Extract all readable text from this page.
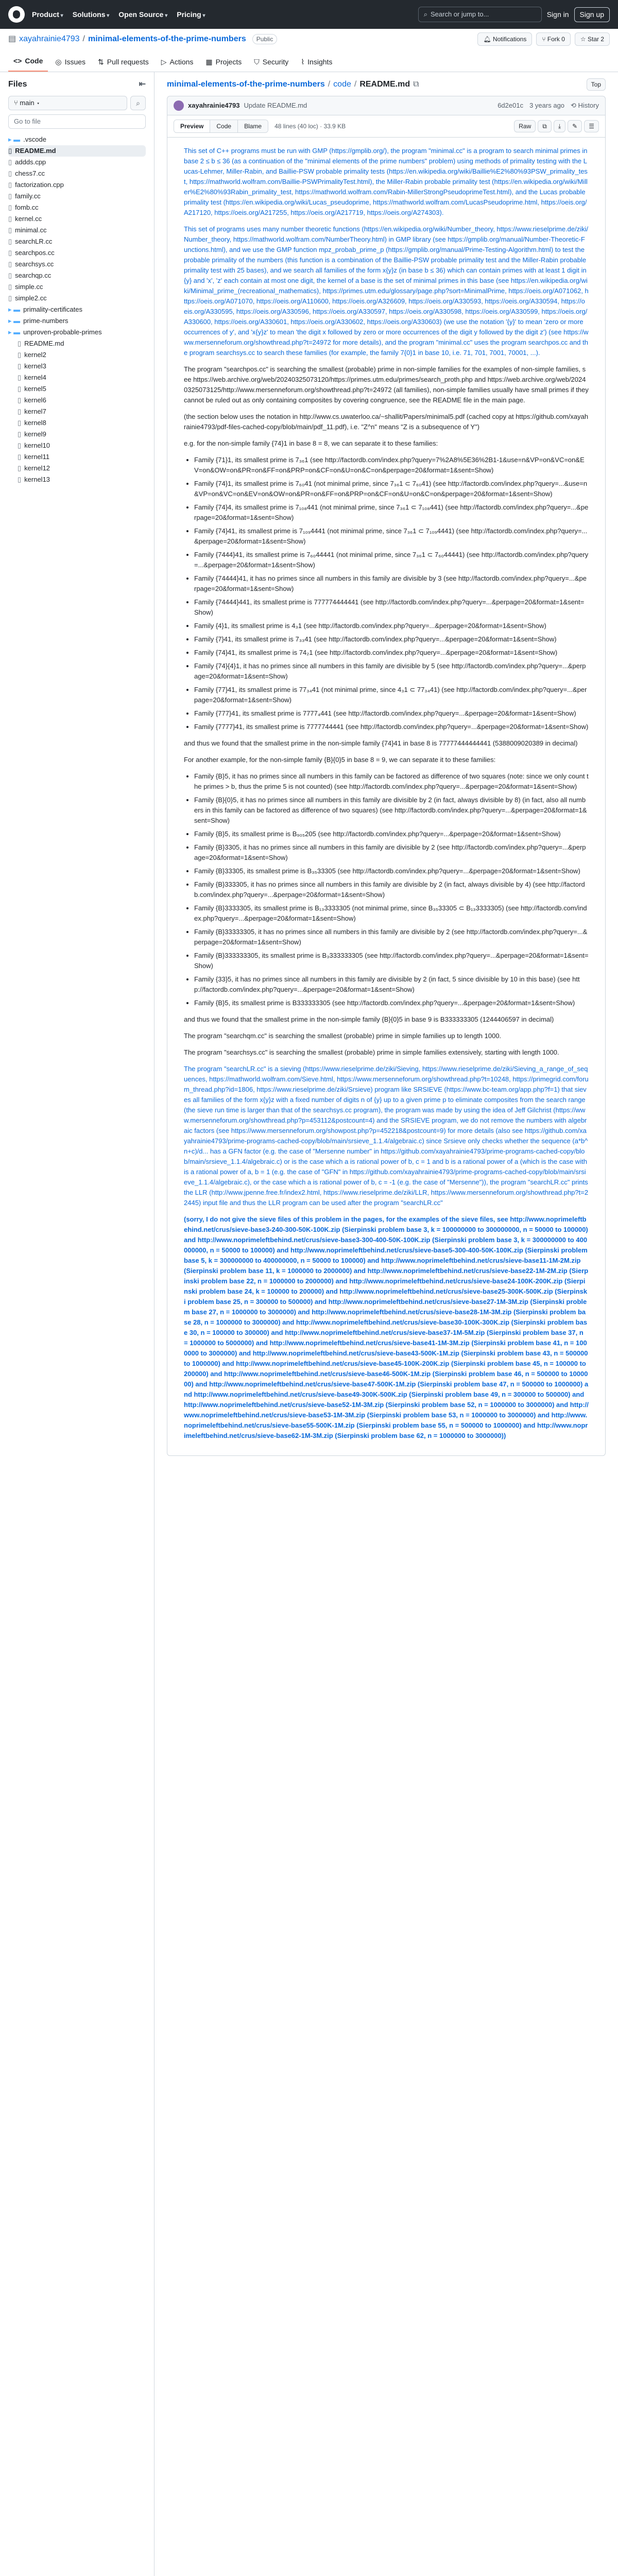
Product ▾	Solutions ▾	Open Source ▾	Pricing ▾	⌕ Search or jump to...	Sign in	Sign up
▤ xayahrainie4793 / minimal-elements-of-the-prime-numbers	Public	🔔︎ Notifications	⑂ Fork 0	☆ Star 2
<> Code ◎ Issues ⇅ Pull requests ▷ Actions ▦ Projects ⛉ Security ⌇ Insights
Files	⇤
⑂ main ▾	⌕
Go to file
▸ ▬ .vscode
▯ README.md
▯ addds.cpp
▯ chess7.cc
▯ factorization.cpp
▯ family.cc
▯ fomb.cc
▯ kernel.cc
▯ minimal.cc
▯ searchLR.cc
▯ searchpos.cc
▯ searchsys.cc
▯ searchqp.cc
▯ simple.cc
▯ simple2.cc
▸ ▬ primality-certificates
▸ ▬ prime-numbers
▸ ▬ unproven-probable-primes
▯ README.md
▯ kernel2
▯ kernel3
▯ kernel4
▯ kernel5
▯ kernel6
▯ kernel7
▯ kernel8
▯ kernel9
▯ kernel10
▯ kernel11
▯ kernel12
▯ kernel13
minimal-elements-of-the-prime-numbers / code / README.md ⧉	Top
xayahrainie4793 Update README.md	6d2e01c 3 years ago ⟲ History
Preview	Code	Blame	48 lines (40 loc) · 33.9 KB	Raw	⧉	⤓	✎	☰

This set of C++ programs must be run with GMP (https://gmplib.org/), the program "minimal.cc" is a program to search minimal primes in base 2 ≤ b ≤ 36 (as a continuation of the "minimal elements of the prime numbers" problem) using methods of primality testing with the Lucas-Lehmer, Miller-Rabin, and Baillie-PSW probable primality tests (https://en.wikipedia.org/wiki/Baillie%E2%80%93PSW_primality_test, https://mathworld.wolfram.com/Baillie-PSWPrimalityTest.html), the Miller-Rabin probable primality test (https://en.wikipedia.org/wiki/Miller%E2%80%93Rabin_primality_test, https://mathworld.wolfram.com/Rabin-MillerStrongPseudoprimeTest.html), and the Lucas probable primality test (https://en.wikipedia.org/wiki/Lucas_pseudoprime, https://mathworld.wolfram.com/LucasPseudoprime.html, https://oeis.org/A217120, https://oeis.org/A217255, https://oeis.org/A217719, https://oeis.org/A274303).

This set of programs uses many number theoretic functions (https://en.wikipedia.org/wiki/Number_theory, https://www.rieselprime.de/ziki/Number_theory, https://mathworld.wolfram.com/NumberTheory.html) in GMP library (see https://gmplib.org/manual/Number-Theoretic-Functions.html), and we use the GMP function mpz_probab_prime_p (https://gmplib.org/manual/Prime-Testing-Algorithm.html) to test the probable primality of the numbers (this function is a combination of the Baillie-PSW probable primality test and the Miller-Rabin probable primality test with 25 bases), and we search all families of the form x{y}z (in base b ≤ 36) which can contain primes with at least 1 digit in {y} and 'x', 'z' each contain at most one digit, the kernel of a base is the set of minimal primes in this base (see https://en.wikipedia.org/wiki/Minimal_prime_(recreational_mathematics), https://primes.utm.edu/glossary/page.php?sort=MinimalPrime, https://oeis.org/A071062, https://oeis.org/A071070, https://oeis.org/A110600, https://oeis.org/A326609, https://oeis.org/A330593, https://oeis.org/A330594, https://oeis.org/A330595, https://oeis.org/A330596, https://oeis.org/A330597, https://oeis.org/A330598, https://oeis.org/A330599, https://oeis.org/A330600, https://oeis.org/A330601, https://oeis.org/A330602, https://oeis.org/A330603) (we use the notation '{y}' to mean 'zero or more occurrences of y', and 'x{y}z' to mean 'the digit x followed by zero or more occurrences of the digit y followed by the digit z') (see https://www.mersenneforum.org/showthread.php?t=24972 for more details), and the program "minimal.cc" uses the program searchpos.cc and the program searchsys.cc to search these families (for example, the family 7{0}1 in base 10, i.e. 71, 701, 7001, 70001, ...).

The program "searchpos.cc" is searching the smallest (probable) prime in non-simple families for the examples of non-simple families, see https://web.archive.org/web/20240325073120/https://primes.utm.edu/primes/search_proth.php and https://web.archive.org/web/20240325073125/http://www.mersenneforum.org/showthread.php?t=24972 (all families), non-simple families usually have small primes if they cannot be ruled out as only containing composites by covering congruence, see the README file in the main page.

(the section below uses the notation in http://www.cs.uwaterloo.ca/~shallit/Papers/minimal5.pdf (cached copy at https://github.com/xayahrainie4793/pdf-files-cached-copy/blob/main/pdf_11.pdf), i.e. "Z^n" means "Z is a subsequence of Y")

e.g. for the non-simple family {74}1 in base 8 = 8, we can separate it to these families:

• Family {71}1, its smallest prime is 7₃₆1 (see http://factordb.com/index.php?query=7%2A8%5E36%2B1-1&use=n&VP=on&VC=on&EV=on&OW=on&PR=on&FF=on&PRP=on&CF=on&U=on&C=on&perpage=20&format=1&sent=Show)
• Family {74}1, its smallest prime is 7₆₀41 (not minimal prime, since 7₃₆1 ⊂ 7₆₀41) (see http://factordb.com/index.php?query=...&use=n&VP=on&VC=on&EV=on&OW=on&PR=on&FF=on&PRP=on&CF=on&U=on&C=on&perpage=20&format=1&sent=Show)
• Family {74}4, its smallest prime is 7₁₀₈441 (not minimal prime, since 7₃₆1 ⊂ 7₁₀₈441) (see http://factordb.com/index.php?query=...&perpage=20&format=1&sent=Show)
• Family {74}41, its smallest prime is 7₁₀₉4441 (not minimal prime, since 7₃₆1 ⊂ 7₁₀₉4441) (see http://factordb.com/index.php?query=...&perpage=20&format=1&sent=Show)
• Family {7444}41, its smallest prime is 7₆₀44441 (not minimal prime, since 7₃₆1 ⊂ 7₆₀44441) (see http://factordb.com/index.php?query=...&perpage=20&format=1&sent=Show)
• Family {74444}41, it has no primes since all numbers in this family are divisible by 3 (see http://factordb.com/index.php?query=...&perpage=20&format=1&sent=Show)
• Family {74444}441, its smallest prime is 777774444441 (see http://factordb.com/index.php?query=...&perpage=20&format=1&sent=Show)
• Family {4}1, its smallest prime is 4₃1 (see http://factordb.com/index.php?query=...&perpage=20&format=1&sent=Show)
• Family {7}41, its smallest prime is 7₃₃41 (see http://factordb.com/index.php?query=...&perpage=20&format=1&sent=Show)
• Family {74}41, its smallest prime is 74₂1 (see http://factordb.com/index.php?query=...&perpage=20&format=1&sent=Show)
• Family {74}{4}1, it has no primes since all numbers in this family are divisible by 5 (see http://factordb.com/index.php?query=...&perpage=20&format=1&sent=Show)
• Family {77}41, its smallest prime is 77₃₄41 (not minimal prime, since 4₃1 ⊂ 77₃₄41) (see http://factordb.com/index.php?query=...&perpage=20&format=1&sent=Show)
• Family {777}41, its smallest prime is 7777₄441 (see http://factordb.com/index.php?query=...&perpage=20&format=1&sent=Show)
• Family {7777}41, its smallest prime is 7777744441 (see http://factordb.com/index.php?query=...&perpage=20&format=1&sent=Show)

and thus we found that the smallest prime in the non-simple family {74}41 in base 8 is 77777444444441 (5388009020389 in decimal)

For another example, for the non-simple family {B}{0}5 in base 8 = 9, we can separate it to these families:

• Family {B}5, it has no primes since all numbers in this family can be factored as difference of two squares (note: since we only count the primes > b, thus the prime 5 is not counted) (see http://factordb.com/index.php?query=...&perpage=20&format=1&sent=Show)
• Family {B}{0}5, it has no primes since all numbers in this family are divisible by 2 (in fact, always divisible by 8) (in fact, also all numbers in this family can be factored as difference of two squares) (see http://factordb.com/index.php?query=...&perpage=20&format=1&sent=Show)
• Family {B}5, its smallest prime is B₉₀₅205 (see http://factordb.com/index.php?query=...&perpage=20&format=1&sent=Show)
• Family {B}3305, it has no primes since all numbers in this family are divisible by 2 (see http://factordb.com/index.php?query=...&perpage=20&format=1&sent=Show)
• Family {B}33305, its smallest prime is B₃₅33305 (see http://factordb.com/index.php?query=...&perpage=20&format=1&sent=Show)
• Family {B}333305, it has no primes since all numbers in this family are divisible by 2 (in fact, always divisible by 4) (see http://factordb.com/index.php?query=...&perpage=20&format=1&sent=Show)
• Family {B}3333305, its smallest prime is B₁₃3333305 (not minimal prime, since B₃₅33305 ⊂ B₁₃3333305) (see http://factordb.com/index.php?query=...&perpage=20&format=1&sent=Show)
• Family {B}33333305, it has no primes since all numbers in this family are divisible by 2 (see http://factordb.com/index.php?query=...&perpage=20&format=1&sent=Show)
• Family {B}333333305, its smallest prime is B₃333333305 (see http://factordb.com/index.php?query=...&perpage=20&format=1&sent=Show)
• Family {33}5, it has no primes since all numbers in this family are divisible by 2 (in fact, 5 since divisible by 10 in this base) (see http://factordb.com/index.php?query=...&perpage=20&format=1&sent=Show)
• Family {B}5, its smallest prime is B333333305 (see http://factordb.com/index.php?query=...&perpage=20&format=1&sent=Show)

and thus we found that the smallest prime in the non-simple family {B}{0}5 in base 9 is B333333305 (1244406597 in decimal)

The program "searchqm.cc" is searching the smallest (probable) prime in simple families up to length 1000.

The program "searchsys.cc" is searching the smallest (probable) prime in simple families extensively, starting with length 1000.

The program "searchLR.cc" is a sieving (https://www.rieselprime.de/ziki/Sieving, https://www.rieselprime.de/ziki/Sieving_a_range_of_sequences, https://mathworld.wolfram.com/Sieve.html, https://www.mersenneforum.org/showthread.php?t=10248, https://primegrid.com/forum_thread.php?id=1806, https://www.rieselprime.de/ziki/Srsieve) program like SRSIEVE (https://www.bc-team.org/app.php?f=1) that sieves all families of the form x{y}z with a fixed number of digits n of {y} up to a given prime p to eliminate composites from the search range (the sieve run time is larger than that of the searchsys.cc program), the program was made by using the idea of Jeff Gilchrist (https://www.mersenneforum.org/showthread.php?p=453112&postcount=4) and the SRSIEVE program, we do not remove the numbers with algebraic factors (see https://www.mersenneforum.org/showpost.php?p=452218&postcount=9) for more details (also see https://github.com/xayahrainie4793/prime-programs-cached-copy/blob/main/srsieve_1.1.4/algebraic.c) since Srsieve only checks whether the sequence (a*b^n+c)/d... has a GFN factor (e.g. the case of "Mersenne number" in https://github.com/xayahrainie4793/prime-programs-cached-copy/blob/main/srsieve_1.1.4/algebraic.c) or is the case which a is rational power of b, c = 1 and b is a rational power of a (which is the case with is a rational power of a, b = 1 (e.g. the case of "GFN" in https://github.com/xayahrainie4793/prime-programs-cached-copy/blob/main/srsieve_1.1.4/algebraic.c), or the case which a is rational power of b, c = -1 (e.g. the case of "Mersenne")), the program "searchLR.cc" prints the LLR (http://www.jpenne.free.fr/index2.html, https://www.rieselprime.de/ziki/LLR, https://www.mersenneforum.org/showthread.php?t=22445) input file and thus the LLR program can be used after the program "searchLR.cc"

(sorry, I do not give the sieve files of this problem in the pages, for the examples of the sieve files, see http://www.noprimeleftbehind.net/crus/sieve-base3-240-300-50K-100K.zip (Sierpinski problem base 3, k = 100000000 to 300000000, n = 50000 to 100000) and http://www.noprimeleftbehind.net/crus/sieve-base3-300-400-50K-100K.zip (Sierpinski problem base 3, k = 300000000 to 400000000, n = 50000 to 100000) and http://www.noprimeleftbehind.net/crus/sieve-base5-300-400-50K-100K.zip (Sierpinski problem base 5, k = 300000000 to 400000000, n = 50000 to 100000) and http://www.noprimeleftbehind.net/crus/sieve-base11-1M-2M.zip (Sierpinski problem base 11, k = 1000000 to 2000000) and http://www.noprimeleftbehind.net/crus/sieve-base22-1M-2M.zip (Sierpinski problem base 22, n = 1000000 to 2000000) and http://www.noprimeleftbehind.net/crus/sieve-base24-100K-200K.zip (Sierpinski problem base 24, k = 100000 to 200000) and http://www.noprimeleftbehind.net/crus/sieve-base25-300K-500K.zip (Sierpinski problem base 25, n = 300000 to 500000) and http://www.noprimeleftbehind.net/crus/sieve-base27-1M-3M.zip (Sierpinski problem base 27, n = 1000000 to 3000000) and http://www.noprimeleftbehind.net/crus/sieve-base28-1M-3M.zip (Sierpinski problem base 28, n = 1000000 to 3000000) and http://www.noprimeleftbehind.net/crus/sieve-base30-100K-300K.zip (Sierpinski problem base 30, n = 100000 to 300000) and http://www.noprimeleftbehind.net/crus/sieve-base37-1M-5M.zip (Sierpinski problem base 37, n = 1000000 to 5000000) and http://www.noprimeleftbehind.net/crus/sieve-base41-1M-3M.zip (Sierpinski problem base 41, n = 1000000 to 3000000) and http://www.noprimeleftbehind.net/crus/sieve-base43-500K-1M.zip (Sierpinski problem base 43, n = 500000 to 1000000) and http://www.noprimeleftbehind.net/crus/sieve-base45-100K-200K.zip (Sierpinski problem base 45, n = 100000 to 200000) and http://www.noprimeleftbehind.net/crus/sieve-base46-500K-1M.zip (Sierpinski problem base 46, n = 500000 to 1000000) and http://www.noprimeleftbehind.net/crus/sieve-base47-500K-1M.zip (Sierpinski problem base 47, n = 500000 to 1000000) and http://www.noprimeleftbehind.net/crus/sieve-base49-300K-500K.zip (Sierpinski problem base 49, n = 300000 to 500000) and http://www.noprimeleftbehind.net/crus/sieve-base52-1M-3M.zip (Sierpinski problem base 52, n = 1000000 to 3000000) and http://www.noprimeleftbehind.net/crus/sieve-base53-1M-3M.zip (Sierpinski problem base 53, n = 1000000 to 3000000) and http://www.noprimeleftbehind.net/crus/sieve-base55-500K-1M.zip (Sierpinski problem base 55, n = 500000 to 1000000) and http://www.noprimeleftbehind.net/crus/sieve-base62-1M-3M.zip (Sierpinski problem base 62, n = 1000000 to 3000000))
